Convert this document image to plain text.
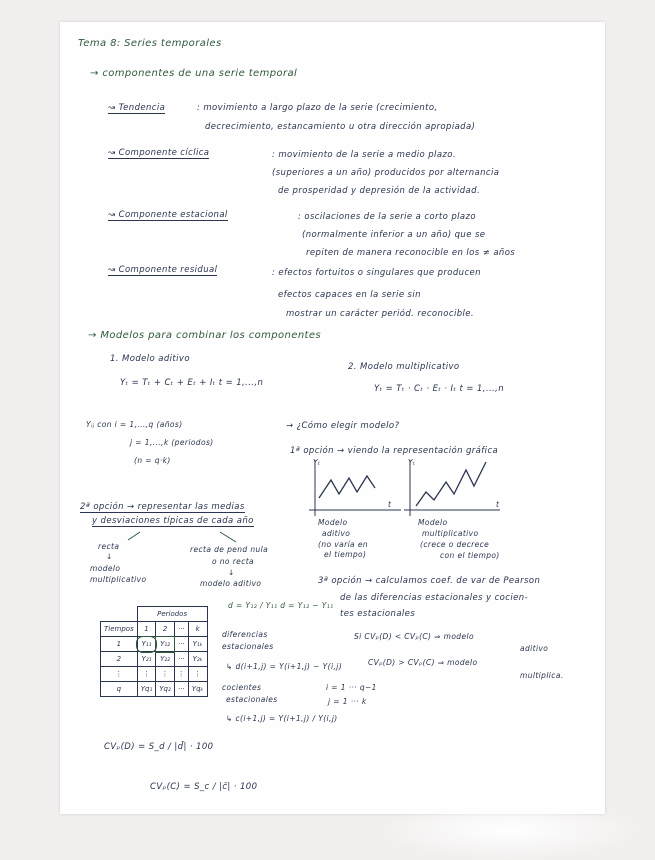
Tema 8: Series temporales
→ componentes de una serie temporal
↝ Tendencia	: movimiento a largo plazo de la serie (crecimiento,
decrecimiento, estancamiento u otra dirección apropiada)
↝ Componente cíclica	: movimiento de la serie a medio plazo.
(superiores a un año) producidos por alternancia
de prosperidad y depresión de la actividad.
↝ Componente estacional	: oscilaciones de la serie a corto plazo
(normalmente inferior a un año) que se
repiten de manera reconocible en los ≠ años
↝ Componente residual	: efectos fortuitos o singulares que producen
efectos capaces en la serie sin
mostrar un carácter periód. reconocible.
→ Modelos para combinar los componentes
1. Modelo aditivo
Yₜ = Tₜ + Cₜ + Eₜ + Iₜ t = 1,...,n
2. Modelo multiplicativo
Yₜ = Tₜ · Cₜ · Eₜ · Iₜ t = 1,...,n
Yᵢⱼ con i = 1,...,q (años)
j = 1,...,k (periodos)
(n = q·k)
→ ¿Cómo elegir modelo?
1ª opción → viendo la representación gráfica
Yₜ
t
Modelo
aditivo
(no varía en
el tiempo)
Yₜ
t
Modelo
multiplicativo
(crece o decrece
con el tiempo)
2ª opción → representar las medias
y desviaciones típicas de cada año
recta
↓
modelo
multiplicativo
recta de pend nula
o no recta
↓
modelo aditivo	3ª opción → calculamos coef. de var de Pearson
de las diferencias estacionales y cocien-
tes estacionales
	Periodos			
Tiempos	1	2	···	k
1	Y₁₁	Y₁₂	···	Y₁ₖ
2	Y₂₁	Y₂₂	···	Y₂ₖ
⋮	⋮	⋮	⋮	⋮
q	Yq₁	Yq₂	···	Yqₖ
d = Y₁₂ / Y₁₁ d = Y₁₂ − Y₁₁
diferencias
estacionales
↳ d(i+1,j) = Y(i+1,j) − Y(i,j)
cocientes
estacionales
↳ c(i+1,j) = Y(i+1,j) / Y(i,j)
i = 1 ··· q−1
j = 1 ··· k
Si CVₚ(D) < CVₚ(C) ⇒ modelo
aditivo
CVₚ(D) > CVₚ(C) ⇒ modelo
multiplica.
CVₚ(D) = S_d / |d̄| · 100
CVₚ(C) = S_c / |c̄| · 100
